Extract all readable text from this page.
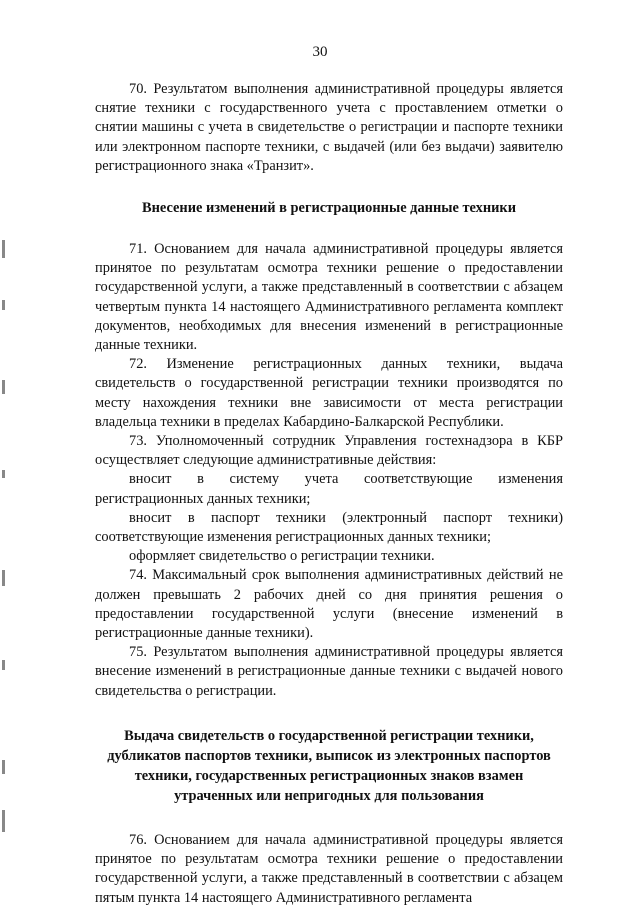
30

70. Результатом выполнения административной процедуры является снятие техники с государственного учета с проставлением отметки о снятии машины с учета в свидетельстве о регистрации и паспорте техники или электронном паспорте техники, с выдачей (или без выдачи) заявителю регистрационного знака «Транзит».

Внесение изменений в регистрационные данные техники

71. Основанием для начала административной процедуры является принятое по результатам осмотра техники решение о предоставлении государственной услуги, а также представленный в соответствии с абзацем четвертым пункта 14 настоящего Административного регламента комплект документов, необходимых для внесения изменений в регистрационные данные техники.

72. Изменение регистрационных данных техники, выдача свидетельств о государственной регистрации техники производятся по месту нахождения техники вне зависимости от места регистрации владельца техники в пределах Кабардино-Балкарской Республики.

73. Уполномоченный сотрудник Управления гостехнадзора в КБР осуществляет следующие административные действия:

вносит в систему учета соответствующие изменения регистрационных данных техники;

вносит в паспорт техники (электронный паспорт техники) соответствующие изменения регистрационных данных техники;

оформляет свидетельство о регистрации техники.

74. Максимальный срок выполнения административных действий не должен превышать 2 рабочих дней со дня принятия решения о предоставлении государственной услуги (внесение изменений в регистрационные данные техники).

75. Результатом выполнения административной процедуры является внесение изменений в регистрационные данные техники с выдачей нового свидетельства о регистрации.

Выдача свидетельств о государственной регистрации техники, дубликатов паспортов техники, выписок из электронных паспортов техники, государственных регистрационных знаков взамен утраченных или непригодных для пользования

76. Основанием для начала административной процедуры является принятое по результатам осмотра техники решение о предоставлении государственной услуги, а также представленный в соответствии с абзацем пятым пункта 14 настоящего Административного регламента
